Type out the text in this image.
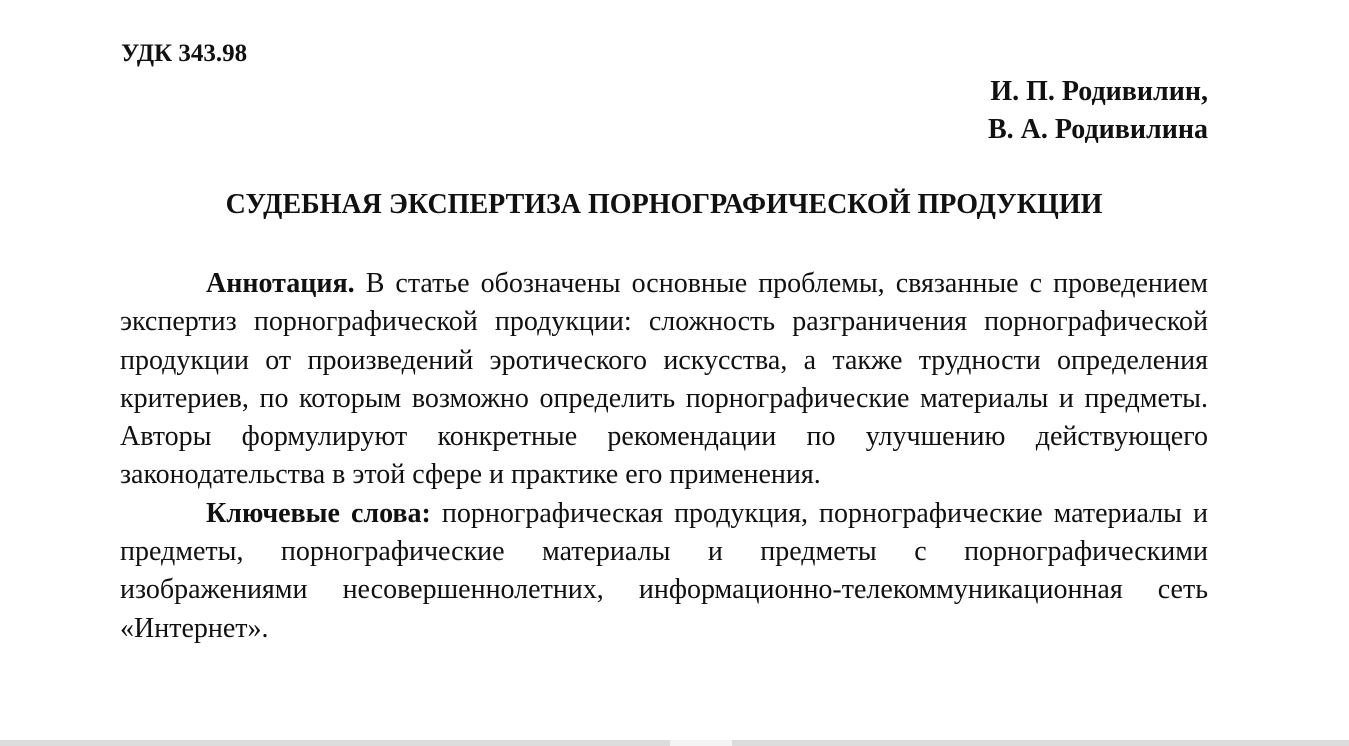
УДК 343.98
И. П. Родивилин,
В. А. Родивилина
СУДЕБНАЯ ЭКСПЕРТИЗА ПОРНОГРАФИЧЕСКОЙ ПРОДУКЦИИ

Аннотация. В статье обозначены основные проблемы, связанные с проведением экспертиз порнографической продукции: сложность разграничения порнографической продукции от произведений эротического искусства, а также трудности определения критериев, по которым возможно определить порнографические материалы и предметы. Авторы формулируют конкретные рекомендации по улучшению действующего законодательства в этой сфере и практике его применения.

Ключевые слова: порнографическая продукция, порнографические материалы и предметы, порнографические материалы и предметы с порнографическими изображениями несовершеннолетних, информационно-телекоммуникационная сеть «Интернет».
